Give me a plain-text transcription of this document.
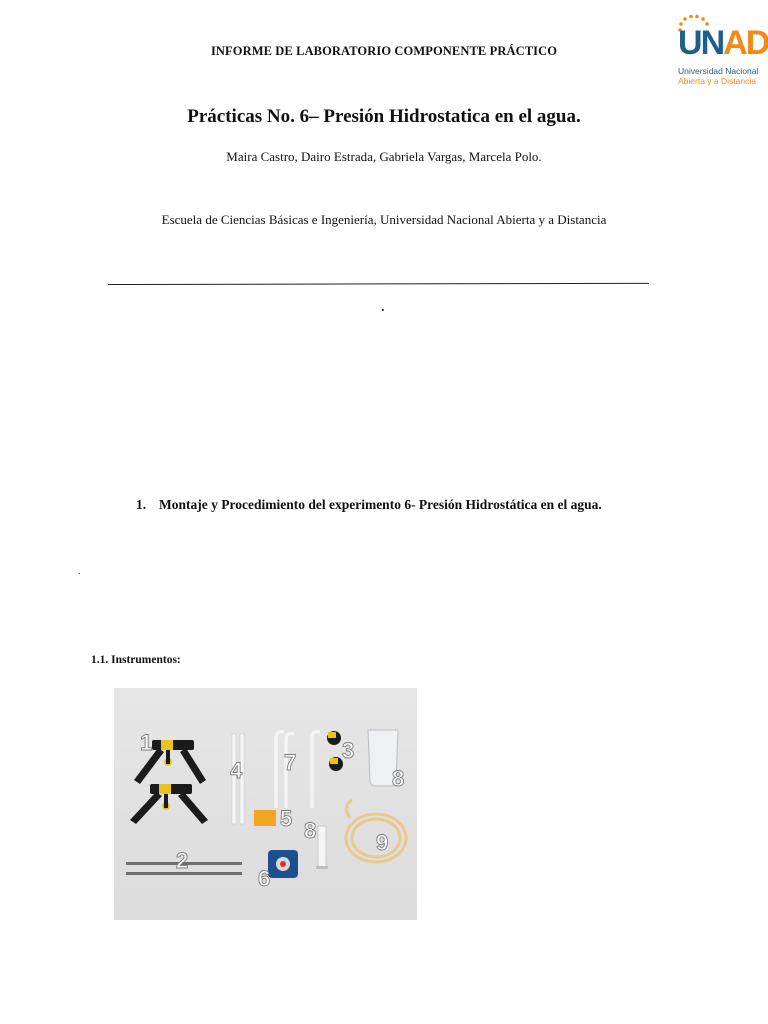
INFORME DE LABORATORIO COMPONENTE PRÁCTICO	UNAD
Universidad Nacional
Abierta y a Distancia
Prácticas No. 6– Presión Hidrostatica en el agua.
Maira Castro, Dairo Estrada, Gabriela Vargas, Marcela Polo.
Escuela de Ciencias Básicas e Ingeniería, Universidad Nacional Abierta y a Distancia
.
1. Montaje y Procedimiento del experimento 6- Presión Hidrostática en el agua.
.
1.1. Instrumentos:
1
2
3
4
5
6
7
8
8	9
